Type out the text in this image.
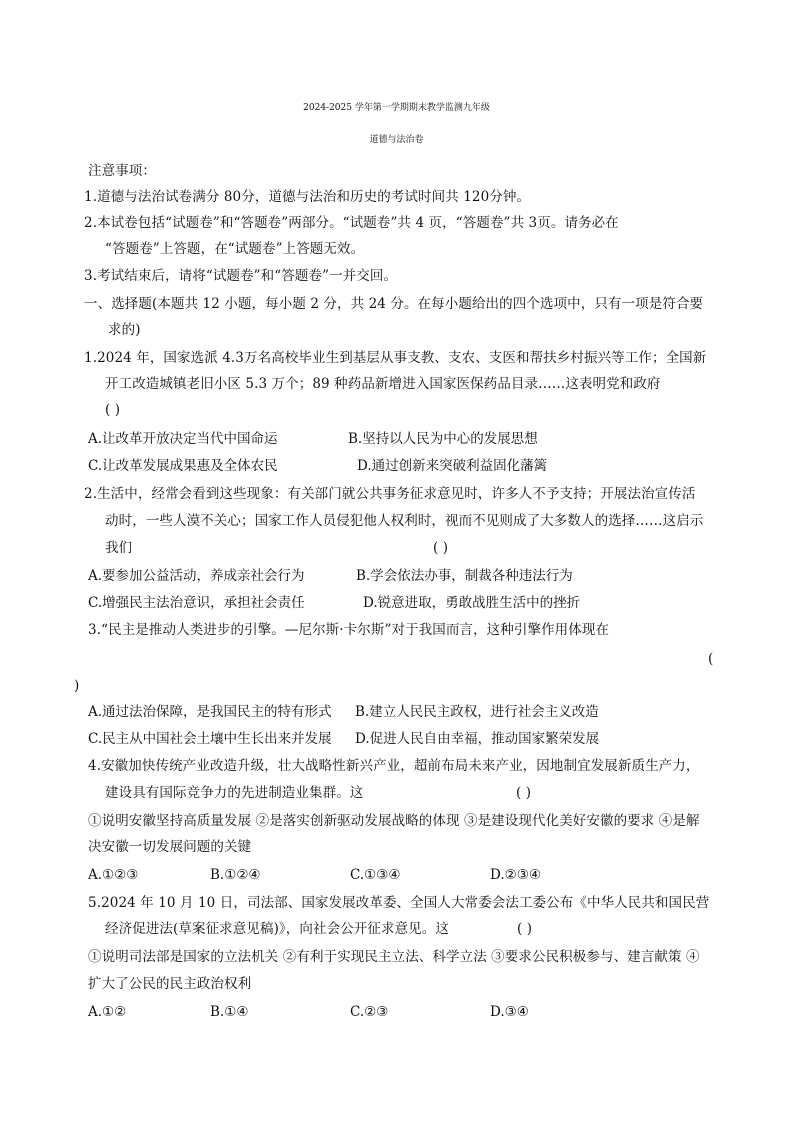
2024-2025 学年第一学期期末教学监测九年级
道德与法治卷
注意事项：
1.道德与法治试卷满分 80分，道德与法治和历史的考试时间共 120分钟。
2.本试卷包括“试题卷”和“答题卷”两部分。“试题卷”共 4 页，“答题卷”共 3页。请务必在
“答题卷”上答题，在“试题卷”上答题无效。
3.考试结束后，请将“试题卷”和“答题卷”一并交回。
一、选择题(本题共 12 小题，每小题 2 分，共 24 分。在每小题给出的四个选项中，只有一项是符合要
求的)
1.2024 年，国家选派 4.3万名高校毕业生到基层从事支教、支农、支医和帮扶乡村振兴等工作；全国新
开工改造城镇老旧小区 5.3 万个；89 种药品新增进入国家医保药品目录……这表明党和政府
( )
A.让改革开放决定当代中国命运	B.坚持以人民为中心的发展思想
C.让改革发展成果惠及全体农民	D.通过创新来突破利益固化藩篱
2.生活中，经常会看到这些现象：有关部门就公共事务征求意见时，许多人不予支持；开展法治宣传活
动时，一些人漠不关心；国家工作人员侵犯他人权利时，视而不见则成了大多数人的选择……这启示
我们	( )
A.要参加公益活动，养成亲社会行为	B.学会依法办事，制裁各种违法行为
C.增强民主法治意识，承担社会责任	D.锐意进取，勇敢战胜生活中的挫折
3.“民主是推动人类进步的引擎。—尼尔斯·卡尔斯”对于我国而言，这种引擎作用体现在
(
)
A.通过法治保障，是我国民主的特有形式 B.建立人民民主政权，进行社会主义改造
C.民主从中国社会土壤中生长出来并发展 D.促进人民自由幸福，推动国家繁荣发展
4.安徽加快传统产业改造升级，壮大战略性新兴产业，超前布局未来产业，因地制宜发展新质生产力，
建设具有国际竞争力的先进制造业集群。这	( )
①说明安徽坚持高质量发展 ②是落实创新驱动发展战略的体现 ③是建设现代化美好安徽的要求 ④是解
决安徽一切发展问题的关键
A.①②③	B.①②④	C.①③④	D.②③④
5.2024 年 10 月 10 日，司法部、国家发展改革委、全国人大常委会法工委公布《中华人民共和国民营
经济促进法(草案征求意见稿)》，向社会公开征求意见。这	( )
①说明司法部是国家的立法机关 ②有利于实现民主立法、科学立法 ③要求公民积极参与、建言献策 ④
扩大了公民的民主政治权利
A.①②	B.①④	C.②③	D.③④
